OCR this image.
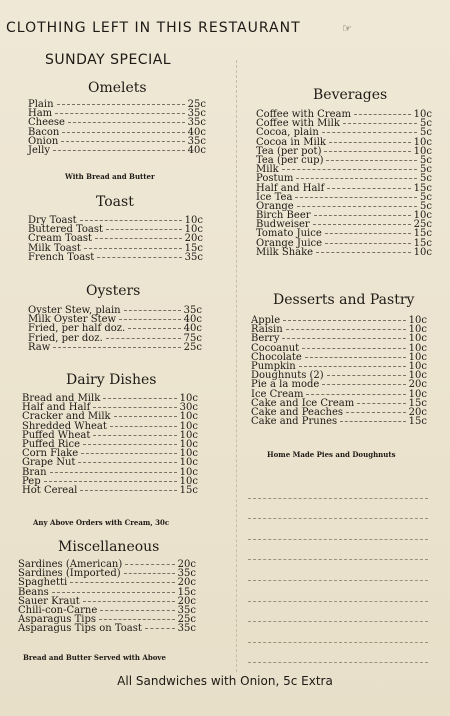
CLOTHING LEFT IN THIS RESTAURANT	☞
SUNDAY SPECIAL
Omelets
Plain	25c
Ham	35c
Cheese	35c
Bacon	40c
Onion	35c
Jelly	40c
With Bread and Butter
Toast
Dry Toast	10c
Buttered Toast	10c
Cream Toast	20c
Milk Toast	15c
French Toast	35c
Oysters
Oyster Stew, plain	35c
Milk Oyster Stew	40c
Fried, per half doz.	40c
Fried, per doz.	75c
Raw	25c
Dairy Dishes
Bread and Milk	10c
Half and Half	30c
Cracker and Milk	10c
Shredded Wheat	10c
Puffed Wheat	10c
Puffed Rice	10c
Corn Flake	10c
Grape Nut	10c
Bran	10c
Pep	10c
Hot Cereal	15c
Any Above Orders with Cream, 30c
Miscellaneous
Sardines (American)	20c
Sardines (Imported)	35c
Spaghetti	20c
Beans	15c
Sauer Kraut	20c
Chili-con-Carne	35c
Asparagus Tips	25c
Asparagus Tips on Toast	35c
Bread and Butter Served with Above
Beverages
Coffee with Cream	10c
Coffee with Milk	5c
Cocoa, plain	5c
Cocoa in Milk	10c
Tea (per pot)	10c
Tea (per cup)	5c
Milk	5c
Postum	5c
Half and Half	15c
Ice Tea	5c
Orange	5c
Birch Beer	10c
Budweiser	25c
Tomato Juice	15c
Orange Juice	15c
Milk Shake	10c
Desserts and Pastry
Apple	10c
Raisin	10c
Berry	10c
Cocoanut	10c
Chocolate	10c
Pumpkin	10c
Doughnuts (2)	10c
Pie a la mode	20c
Ice Cream	10c
Cake and Ice Cream	15c
Cake and Peaches	20c
Cake and Prunes	15c
Home Made Pies and Doughnuts
All Sandwiches with Onion, 5c Extra
